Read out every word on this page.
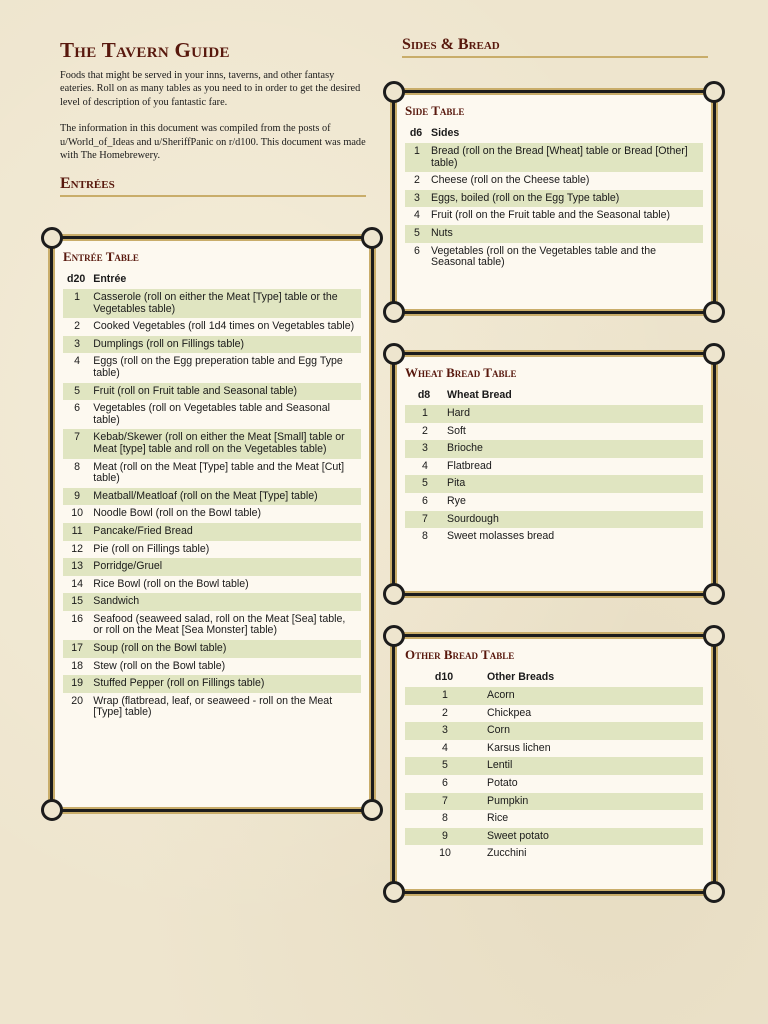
The Tavern Guide

Foods that might be served in your inns, taverns, and other fantasy eateries. Roll on as many tables as you need to in order to get the desired level of description of you fantastic fare.

The information in this document was compiled from the posts of u/World_of_Ideas and u/SheriffPanic on r/d100. This document was made with The Homebrewery.

Entrées
Entrée Table
d20	Entrée
1	Casserole (roll on either the Meat [Type] table or the Vegetables table)
2	Cooked Vegetables (roll 1d4 times on Vegetables table)
3	Dumplings (roll on Fillings table)
4	Eggs (roll on the Egg preperation table and Egg Type table)
5	Fruit (roll on Fruit table and Seasonal table)
6	Vegetables (roll on Vegetables table and Seasonal table)
7	Kebab/Skewer (roll on either the Meat [Small] table or Meat [type] table and roll on the Vegetables table)
8	Meat (roll on the Meat [Type] table and the Meat [Cut] table)
9	Meatball/Meatloaf (roll on the Meat [Type] table)
10	Noodle Bowl (roll on the Bowl table)
11	Pancake/Fried Bread
12	Pie (roll on Fillings table)
13	Porridge/Gruel
14	Rice Bowl (roll on the Bowl table)
15	Sandwich
16	Seafood (seaweed salad, roll on the Meat [Sea] table, or roll on the Meat [Sea Monster] table)
17	Soup (roll on the Bowl table)
18	Stew (roll on the Bowl table)
19	Stuffed Pepper (roll on Fillings table)
20	Wrap (flatbread, leaf, or seaweed - roll on the Meat [Type] table)
Sides & Bread
Side Table
d6	Sides
1	Bread (roll on the Bread [Wheat] table or Bread [Other] table)
2	Cheese (roll on the Cheese table)
3	Eggs, boiled (roll on the Egg Type table)
4	Fruit (roll on the Fruit table and the Seasonal table)
5	Nuts
6	Vegetables (roll on the Vegetables table and the Seasonal table)
Wheat Bread Table
d8	Wheat Bread
1	Hard
2	Soft
3	Brioche
4	Flatbread
5	Pita
6	Rye
7	Sourdough
8	Sweet molasses bread
Other Bread Table
d10	Other Breads
1	Acorn
2	Chickpea
3	Corn
4	Karsus lichen
5	Lentil
6	Potato
7	Pumpkin
8	Rice
9	Sweet potato
10	Zucchini
